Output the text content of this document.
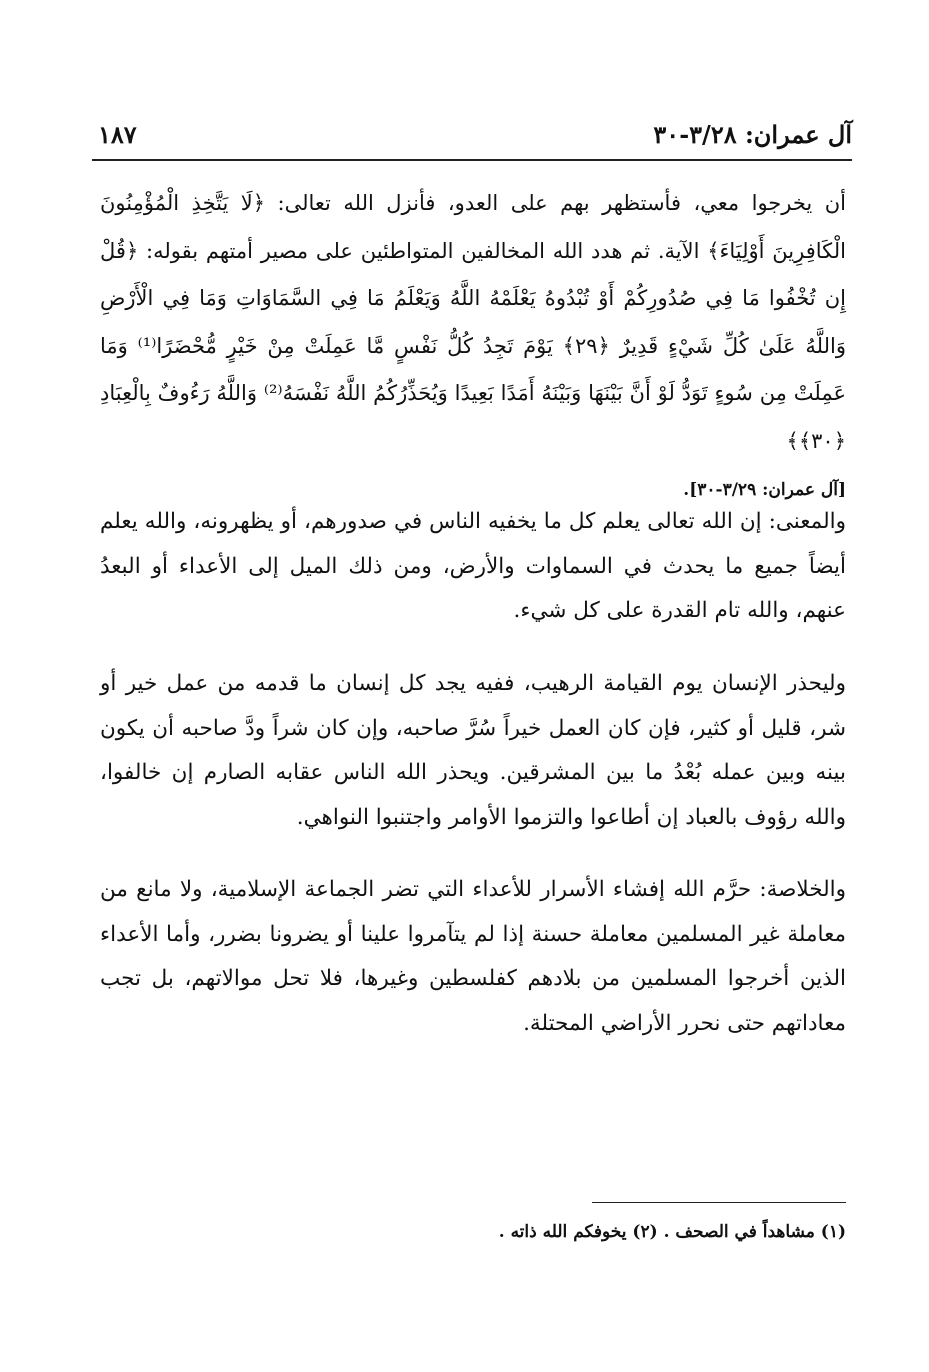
آل عمران: ٣/٢٨-٣٠
١٨٧
أن يخرجوا معي، فأستظهر بهم على العدو، فأنزل الله تعالى: ﴿لَا يَتَّخِذِ الْمُؤْمِنُونَ الْكَافِرِينَ أَوْلِيَاءَ﴾ الآية. ثم هدد الله المخالفين المتواطئين على مصير أمتهم بقوله: ﴿قُلْ إِن تُخْفُوا مَا فِي صُدُورِكُمْ أَوْ تُبْدُوهُ يَعْلَمْهُ اللَّهُ وَيَعْلَمُ مَا فِي السَّمَاوَاتِ وَمَا فِي الْأَرْضِ وَاللَّهُ عَلَىٰ كُلِّ شَيْءٍ قَدِيرٌ ﴿٢٩﴾ يَوْمَ تَجِدُ كُلُّ نَفْسٍ مَّا عَمِلَتْ مِنْ خَيْرٍ مُّحْضَرًا⁽¹⁾ وَمَا عَمِلَتْ مِن سُوءٍ تَوَدُّ لَوْ أَنَّ بَيْنَهَا وَبَيْنَهُ أَمَدًا بَعِيدًا وَيُحَذِّرُكُمُ اللَّهُ نَفْسَهُ⁽²⁾ وَاللَّهُ رَءُوفٌ بِالْعِبَادِ ﴿٣٠﴾﴾
[آل عمران: ٣/٢٩-٣٠].
والمعنى: إن الله تعالى يعلم كل ما يخفيه الناس في صدورهم، أو يظهرونه، والله يعلم أيضاً جميع ما يحدث في السماوات والأرض، ومن ذلك الميل إلى الأعداء أو البعدُ عنهم، والله تام القدرة على كل شيء.
وليحذر الإنسان يوم القيامة الرهيب، ففيه يجد كل إنسان ما قدمه من عمل خير أو شر، قليل أو كثير، فإن كان العمل خيراً سُرَّ صاحبه، وإن كان شراً ودَّ صاحبه أن يكون بينه وبين عمله بُعْدُ ما بين المشرقين. ويحذر الله الناس عقابه الصارم إن خالفوا، والله رؤوف بالعباد إن أطاعوا والتزموا الأوامر واجتنبوا النواهي.
والخلاصة: حرَّم الله إفشاء الأسرار للأعداء التي تضر الجماعة الإسلامية، ولا مانع من معاملة غير المسلمين معاملة حسنة إذا لم يتآمروا علينا أو يضرونا بضرر، وأما الأعداء الذين أخرجوا المسلمين من بلادهم كفلسطين وغيرها، فلا تحل موالاتهم، بل تجب معاداتهم حتى نحرر الأراضي المحتلة.
(١) مشاهداً في الصحف . (٢) يخوفكم الله ذاته .
